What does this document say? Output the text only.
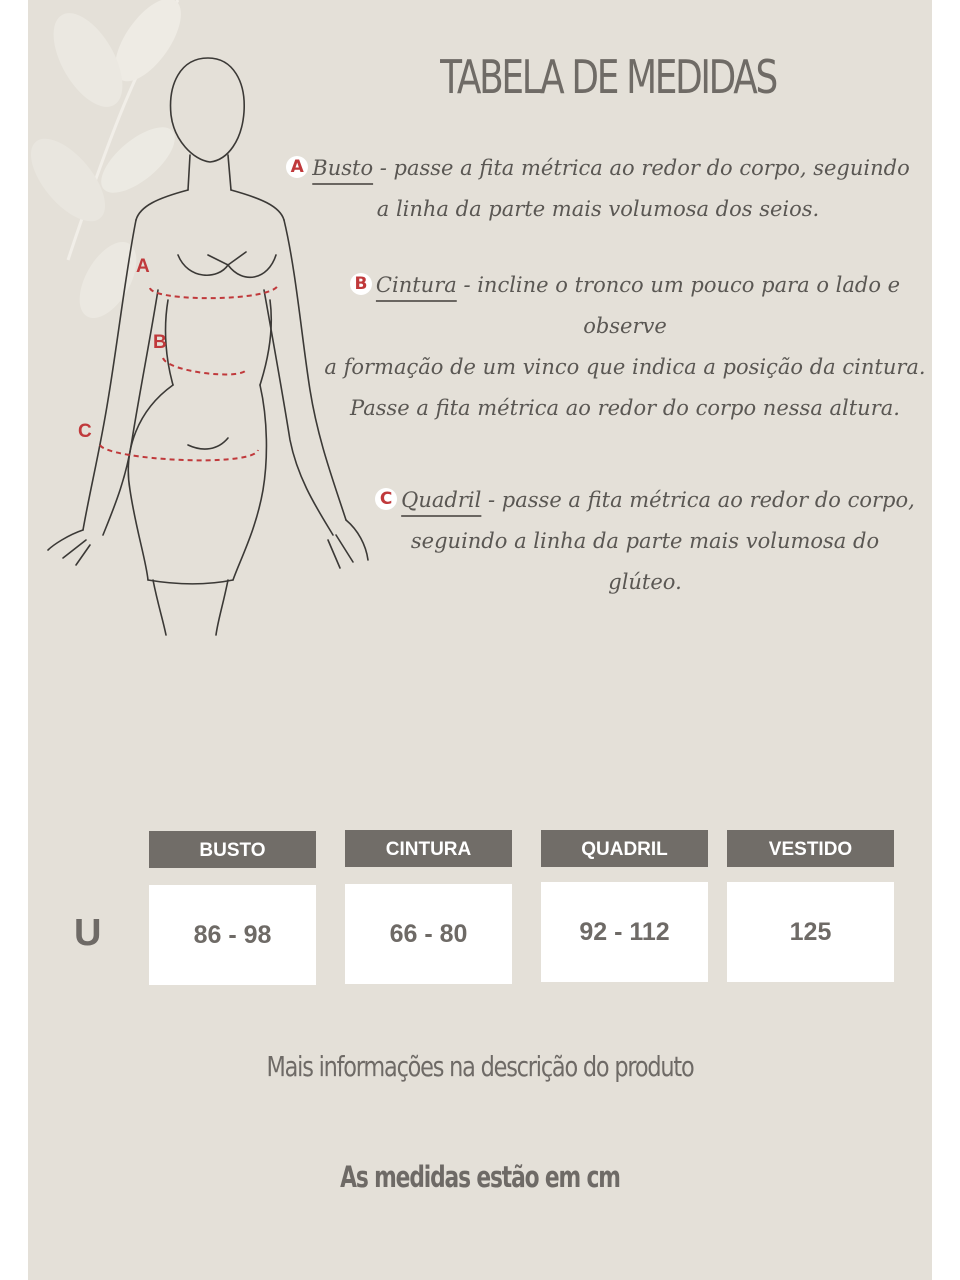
A
B
C
TABELA DE MEDIDAS
A Busto - passe a fita métrica ao redor do corpo, seguindo
a linha da parte mais volumosa dos seios.
B Cintura - incline o tronco um pouco para o lado e
observe
a formação de um vinco que indica a posição da cintura.
Passe a fita métrica ao redor do corpo nessa altura.
C Quadril - passe a fita métrica ao redor do corpo,
seguindo a linha da parte mais volumosa do
glúteo.
U
BUSTO
86 - 98
CINTURA
66 - 80
QUADRIL
92 - 112
VESTIDO
125
Mais informações na descrição do produto
As medidas estão em cm
